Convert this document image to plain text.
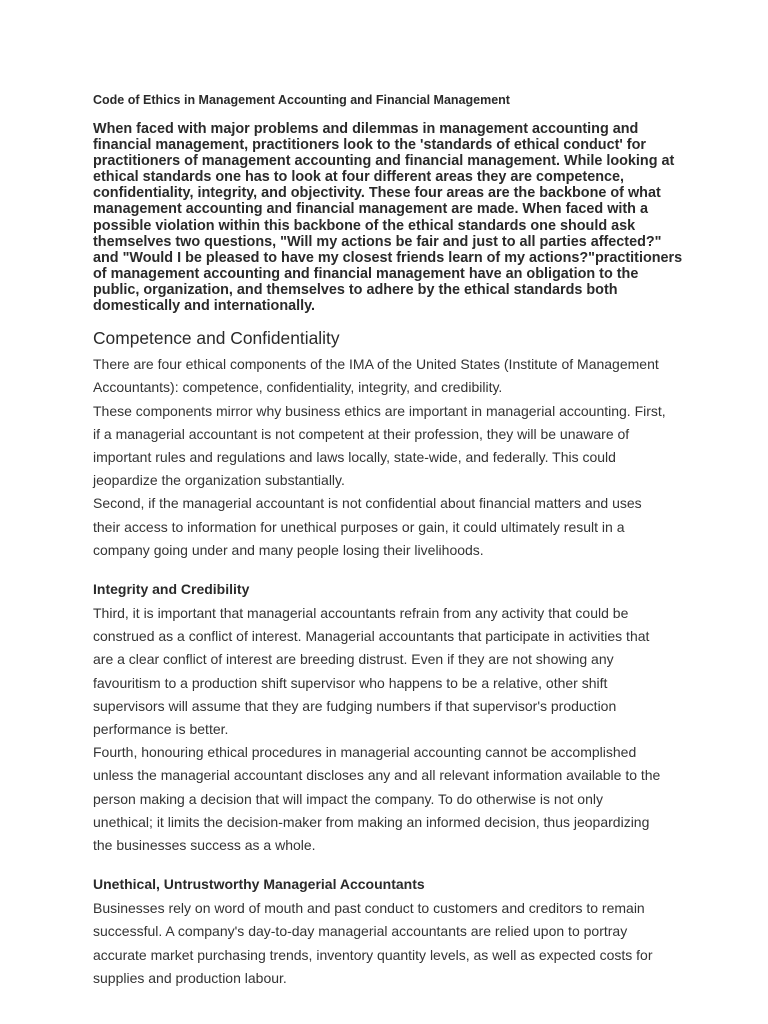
Code of Ethics in Management Accounting and Financial Management
When faced with major problems and dilemmas in management accounting and
financial management, practitioners look to the 'standards of ethical conduct' for
practitioners of management accounting and financial management. While looking at
ethical standards one has to look at four different areas they are competence,
confidentiality, integrity, and objectivity. These four areas are the backbone of what
management accounting and financial management are made. When faced with a
possible violation within this backbone of the ethical standards one should ask
themselves two questions, "Will my actions be fair and just to all parties affected?"
and "Would I be pleased to have my closest friends learn of my actions?"practitioners
of management accounting and financial management have an obligation to the
public, organization, and themselves to adhere by the ethical standards both
domestically and internationally.
Competence and Confidentiality
There are four ethical components of the IMA of the United States (Institute of Management
Accountants): competence, confidentiality, integrity, and credibility.
These components mirror why business ethics are important in managerial accounting. First,
if a managerial accountant is not competent at their profession, they will be unaware of
important rules and regulations and laws locally, state-wide, and federally. This could
jeopardize the organization substantially.
Second, if the managerial accountant is not confidential about financial matters and uses
their access to information for unethical purposes or gain, it could ultimately result in a
company going under and many people losing their livelihoods.
Integrity and Credibility
Third, it is important that managerial accountants refrain from any activity that could be
construed as a conflict of interest. Managerial accountants that participate in activities that
are a clear conflict of interest are breeding distrust. Even if they are not showing any
favouritism to a production shift supervisor who happens to be a relative, other shift
supervisors will assume that they are fudging numbers if that supervisor's production
performance is better.
Fourth, honouring ethical procedures in managerial accounting cannot be accomplished
unless the managerial accountant discloses any and all relevant information available to the
person making a decision that will impact the company. To do otherwise is not only
unethical; it limits the decision-maker from making an informed decision, thus jeopardizing
the businesses success as a whole.
Unethical, Untrustworthy Managerial Accountants
Businesses rely on word of mouth and past conduct to customers and creditors to remain
successful. A company's day-to-day managerial accountants are relied upon to portray
accurate market purchasing trends, inventory quantity levels, as well as expected costs for
supplies and production labour.
